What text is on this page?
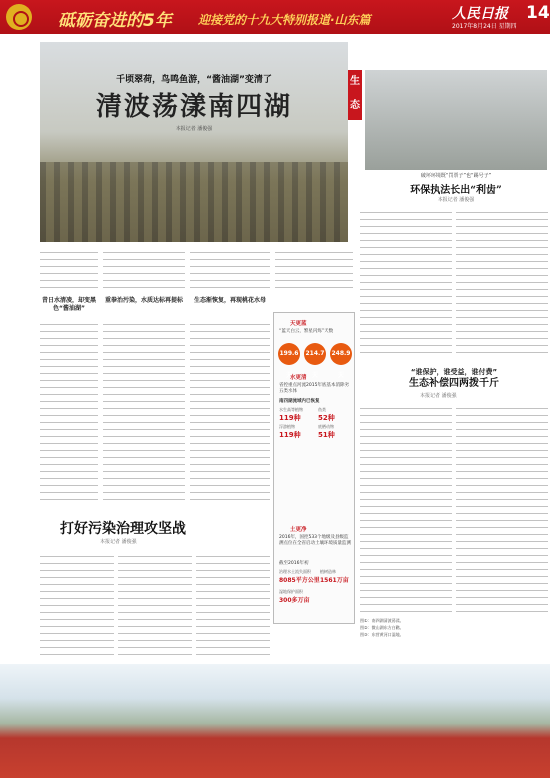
砥砺奋进的5年 迎接党的十九大特别报道·山东篇	人民日报
2017年8月24日 星期四
14
千顷翠荷，鸟鸣鱼游，“酱油湖”变清了
清波荡漾南四湖
本报记者 潘俊强
生态
破坏环境既“罚票子”也“踢号子”
环保执法长出“利齿”
本报记者 潘俊强
昔日水清凌，却变黑色“酱油湖”
重拳治污染，水质达标再提标	生态渐恢复，再现桃花水母
“谁保护，谁受益，谁付费”
生态补偿四两拨千斤
本报记者 潘俊强
天更蓝
“蓝天白云，繁星闪烁”天数
199.6天
214.7天
248.9天
水更清
省控重点河流2015年底基本消除劣五类水体
南四湖流域内已恢复
水生高等植物	鱼类
119种 52种
浮游植物	底栖动物
119种 51种
土更净
2016年，国控533个地级及县级监测点位在全省启动土壤环境质量监测
截至2016年初
治理水土流失面积 植树造林
8085平方公里 1561万亩
湿地保护面积
300多万亩
打好污染治理攻坚战
本报记者 潘俊强
图①：南四湖清波荡漾。
图②：微山湖东方白鹳。
图③：东营黄河口湿地。
